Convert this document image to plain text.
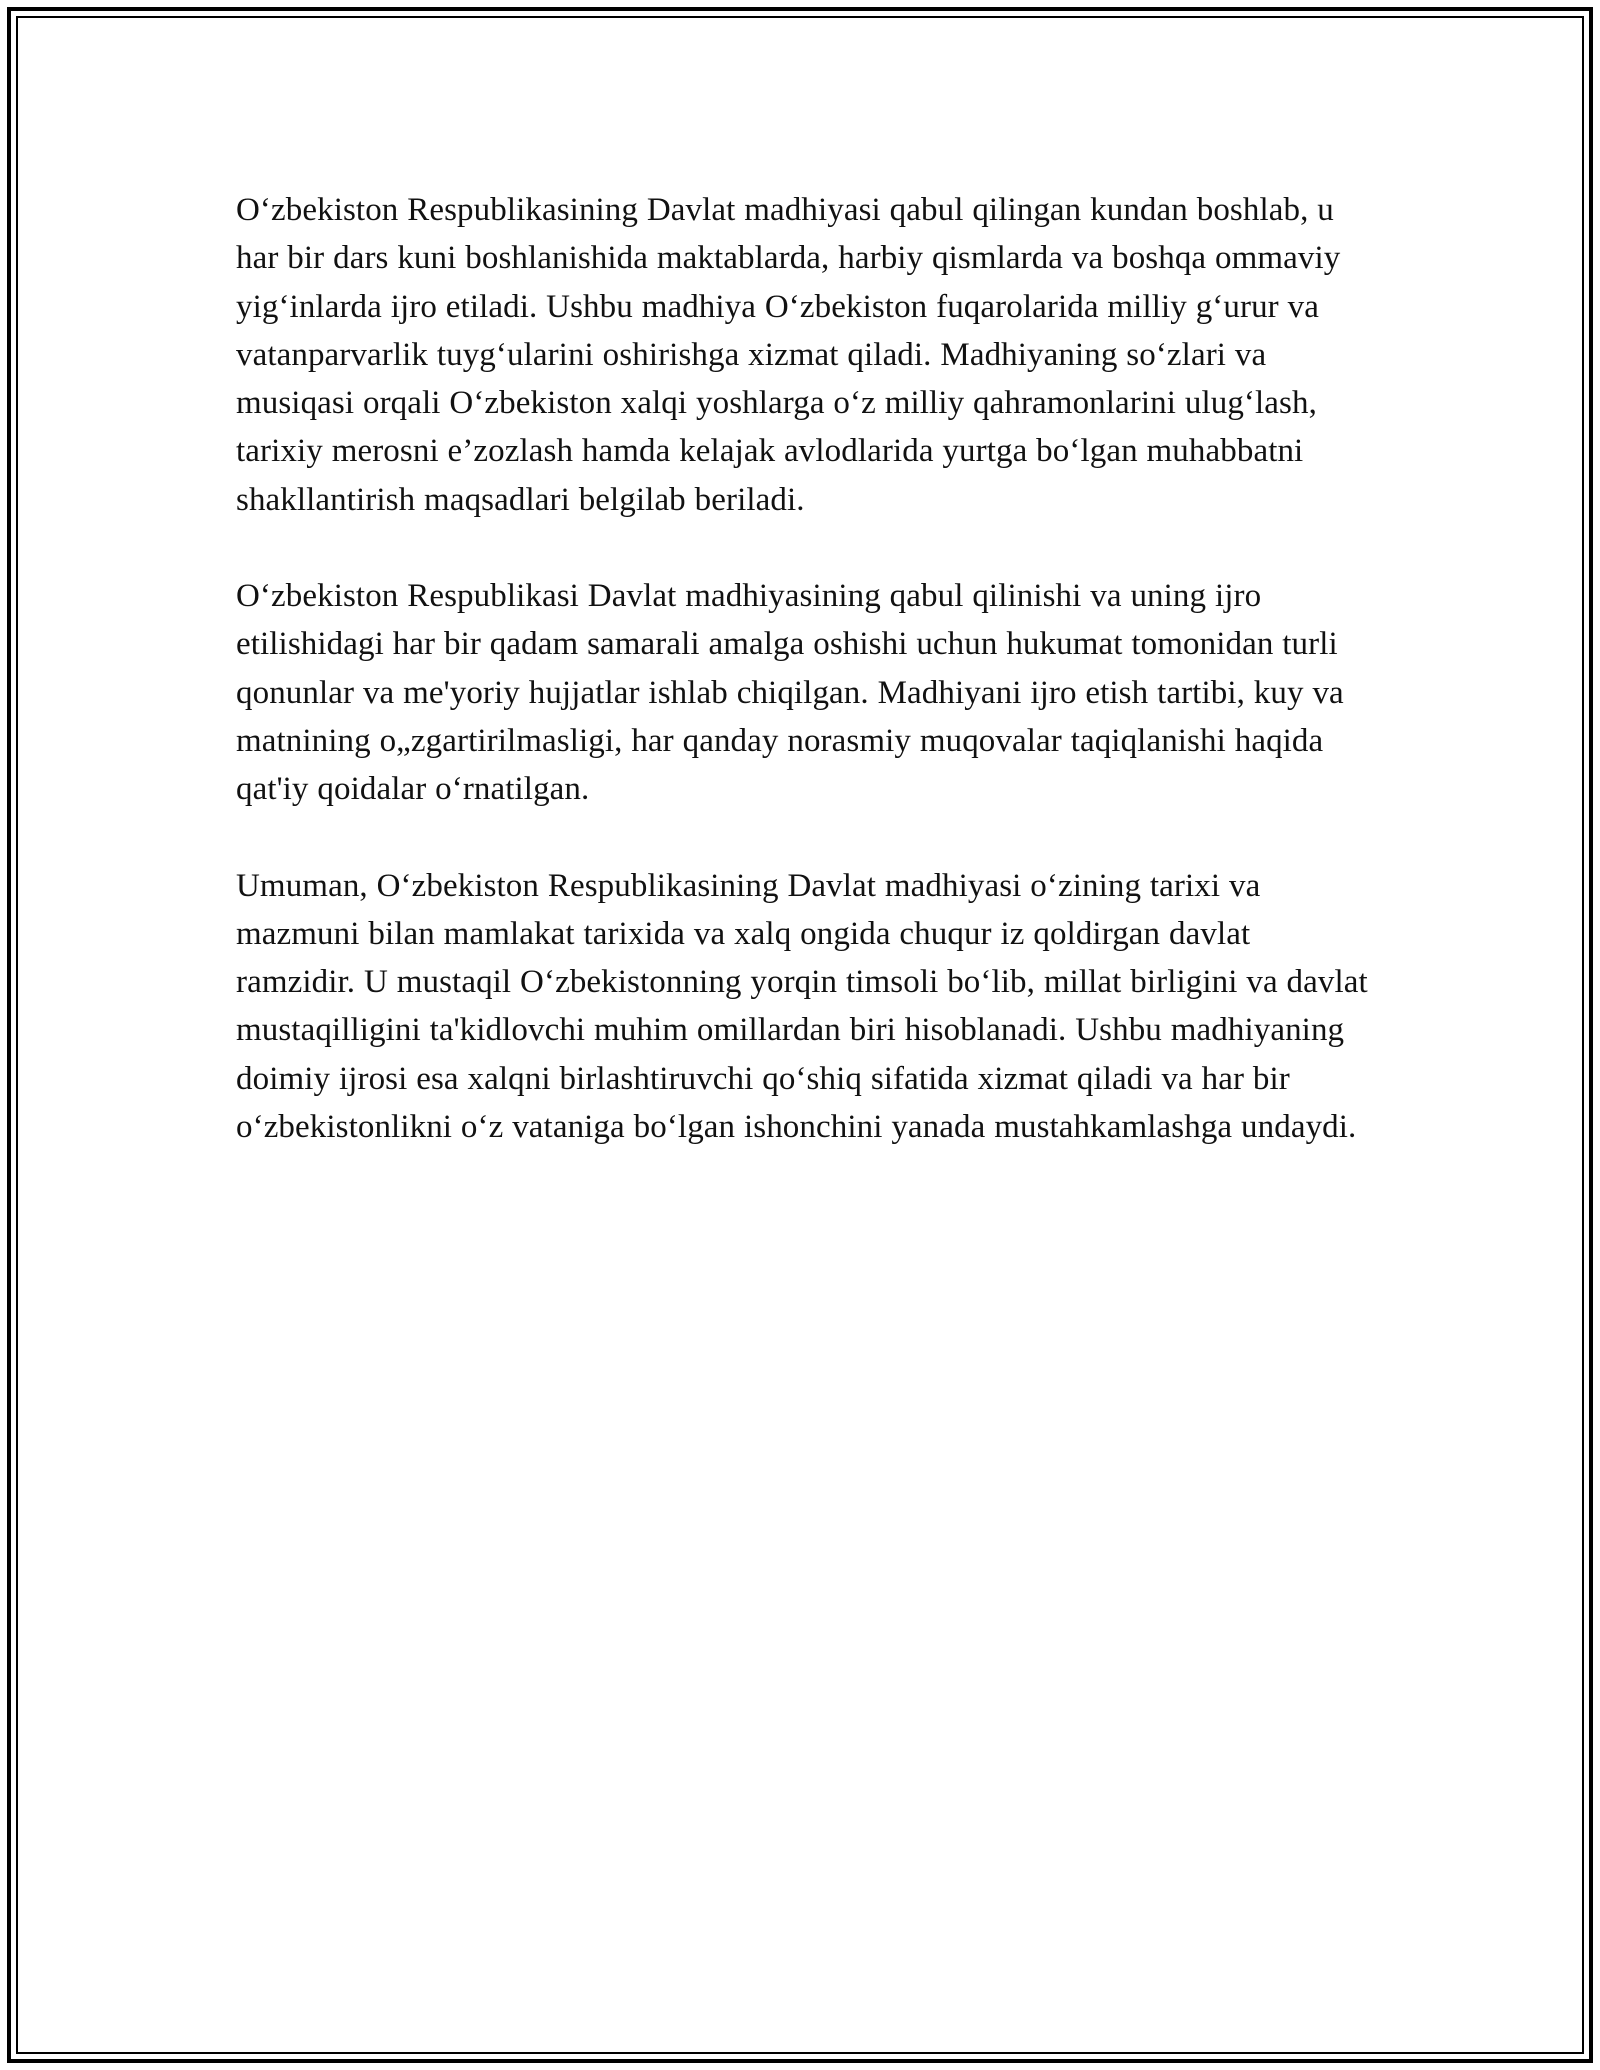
O‘zbekiston Respublikasining Davlat madhiyasi qabul qilingan kundan boshlab, u har bir dars kuni boshlanishida maktablarda, harbiy qismlarda va boshqa ommaviy yig‘inlarda ijro etiladi. Ushbu madhiya O‘zbekiston fuqarolarida milliy g‘urur va vatanparvarlik tuyg‘ularini oshirishga xizmat qiladi. Madhiyaning so‘zlari va musiqasi orqali O‘zbekiston xalqi yoshlarga o‘z milliy qahramonlarini ulug‘lash, tarixiy merosni e’zozlash hamda kelajak avlodlarida yurtga bo‘lgan muhabbatni shakllantirish maqsadlari belgilab beriladi.

O‘zbekiston Respublikasi Davlat madhiyasining qabul qilinishi va uning ijro etilishidagi har bir qadam samarali amalga oshishi uchun hukumat tomonidan turli qonunlar va me'yoriy hujjatlar ishlab chiqilgan. Madhiyani ijro etish tartibi, kuy va matnining o„zgartirilmasligi, har qanday norasmiy muqovalar taqiqlanishi haqida qat'iy qoidalar o‘rnatilgan.

Umuman, O‘zbekiston Respublikasining Davlat madhiyasi o‘zining tarixi va mazmuni bilan mamlakat tarixida va xalq ongida chuqur iz qoldirgan davlat ramzidir. U mustaqil O‘zbekistonning yorqin timsoli bo‘lib, millat birligini va davlat mustaqilligini ta'kidlovchi muhim omillardan biri hisoblanadi. Ushbu madhiyaning doimiy ijrosi esa xalqni birlashtiruvchi qo‘shiq sifatida xizmat qiladi va har bir o‘zbekistonlikni o‘z vataniga bo‘lgan ishonchini yanada mustahkamlashga undaydi.
